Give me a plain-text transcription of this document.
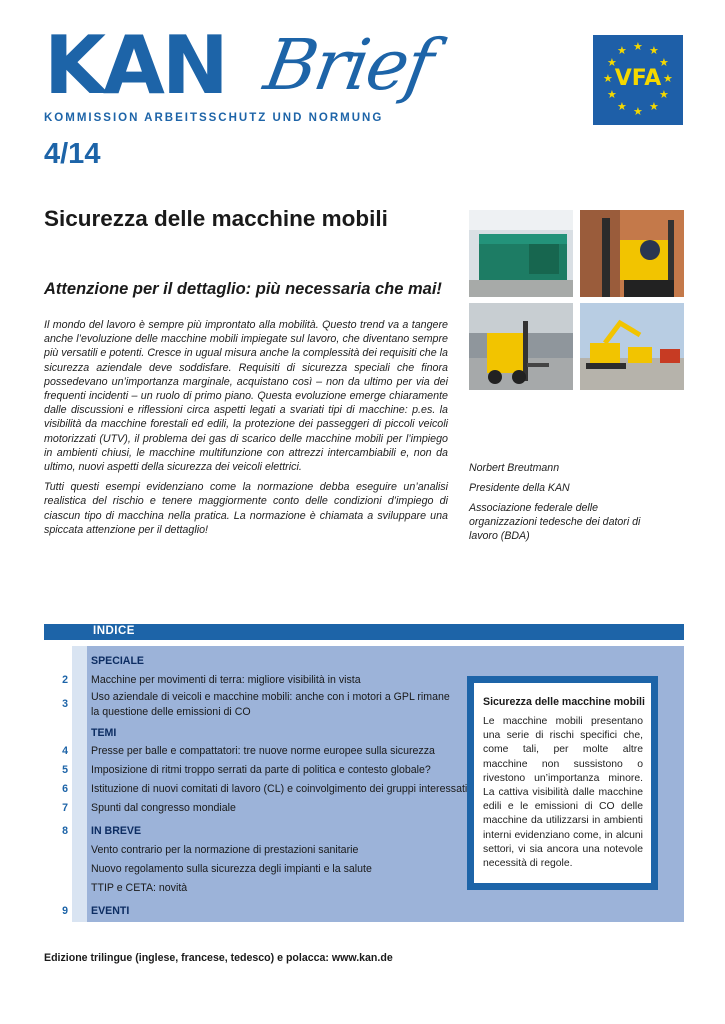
KAN Brief
KOMMISSION ARBEITSSCHUTZ UND NORMUNG
★ ★
★
★
★
★
★
★
★
★
★
★
VFA
4/14
Sicurezza delle macchine mobili
Attenzione per il dettaglio: più necessaria che mai!

Il mondo del lavoro è sempre più improntato alla mobilità. Questo trend va a tangere anche l’evoluzione delle macchine mobili impiegate sul lavoro, che diventano sempre più versatili e potenti. Cresce in ugual misura anche la complessità dei requisiti che la sicurezza aziendale deve soddisfare. Requisiti di sicurezza speciali che finora possedevano un’importanza marginale, acquistano così – non da ultimo per via dei frequenti incidenti – un ruolo di primo piano. Questa evoluzione emerge chiaramente dalle discussioni e riflessioni circa aspetti legati a svariati tipi di macchine: p.es. la visibilità da macchine forestali ed edili, la protezione dei passeggeri di piccoli veicoli motorizzati (UTV), il problema dei gas di scarico delle macchine mobili per l’impiego in ambienti chiusi, le macchine multifunzione con attrezzi intercambiabili e, non da ultimo, nuovi aspetti della sicurezza dei veicoli elettrici.

Tutti questi esempi evidenziano come la normazione debba eseguire un’analisi realistica del rischio e tenere maggiormente conto delle condizioni d’impiego di ciascun tipo di macchina nella pratica. La normazione è chiamata a sviluppare una spiccata attenzione per il dettaglio!

Norbert Breutmann
Presidente della KAN
Associazione federale delle organizzazioni tedesche dei datori di lavoro (BDA)
INDICE
SPECIALE
2 Macchine per movimenti di terra: migliore visibilità in vista
3
Uso aziendale di veicoli e macchine mobili: anche con i motori a GPL rimane
la questione delle emissioni di CO
TEMI
4 Presse per balle e compattatori: tre nuove norme europee sulla sicurezza
5 Imposizione di ritmi troppo serrati da parte di politica e contesto globale?
6 Istituzione di nuovi comitati di lavoro (CL) e coinvolgimento dei gruppi interessati
7 Spunti dal congresso mondiale
8 IN BREVE
Vento contrario per la normazione di prestazioni sanitarie
Nuovo regolamento sulla sicurezza degli impianti e la salute
TTIP e CETA: novità
9 EVENTI
Sicurezza delle macchine mobili
Le macchine mobili presentano una serie di rischi specifici che, come tali, per molte altre macchine non sussistono o rivestono un’importanza minore. La cattiva visibilità dalle macchine edili e le emissioni di CO delle macchine da utilizzarsi in ambienti interni evidenziano come, in alcuni settori, vi sia ancora una notevole necessità di regole.
Edizione trilingue (inglese, francese, tedesco) e polacca: www.kan.de
